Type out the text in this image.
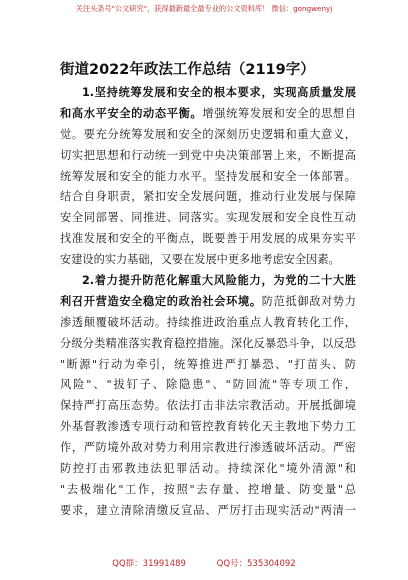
关注头条号"公文研究"，获得最新最全最专业的公文资料库！ 微信：gongwenyj
街道2022年政法工作总结（2119字）
1.坚持统筹发展和安全的根本要求，实现高质量发展
和高水平安全的动态平衡。增强统筹发展和安全的思想自
觉。要充分统筹发展和安全的深刻历史逻辑和重大意义，
切实把思想和行动统一到党中央决策部署上来，不断提高
统筹发展和安全的能力水平。坚持发展和安全一体部署。
结合自身职责，紧扣安全发展问题，推动行业发展与保障
安全同部署、同推进、同落实。实现发展和安全良性互动
找准发展和安全的平衡点，既要善于用发展的成果夯实平
安建设的实力基础，又要在发展中更多地考虑安全因素。
2.着力提升防范化解重大风险能力，为党的二十大胜
利召开营造安全稳定的政治社会环境。防范抵御敌对势力
渗透颠覆破坏活动。持续推进政治重点人教育转化工作，
分级分类精准落实教育稳控措施。深化反暴恐斗争，以反恐
"断源"行动为牵引，统筹推进严打暴恐、"打苗头、防
风险"、"拔钉子、除隐患"、"防回流"等专项工作，
保持严打高压态势。依法打击非法宗教活动。开展抵御境
外基督教渗透专项行动和管控教育转化天主教地下势力工
作，严防境外敌对势力利用宗教进行渗透破坏活动。严密
防控打击邪教违法犯罪活动。持续深化"境外清源"和
"去极端化"工作，按照"去存量、控增量、防变量"总
要求，建立清除清缴反宣品、严厉打击现实活动"两清一
QQ群：31991489	QQ号：535304092
